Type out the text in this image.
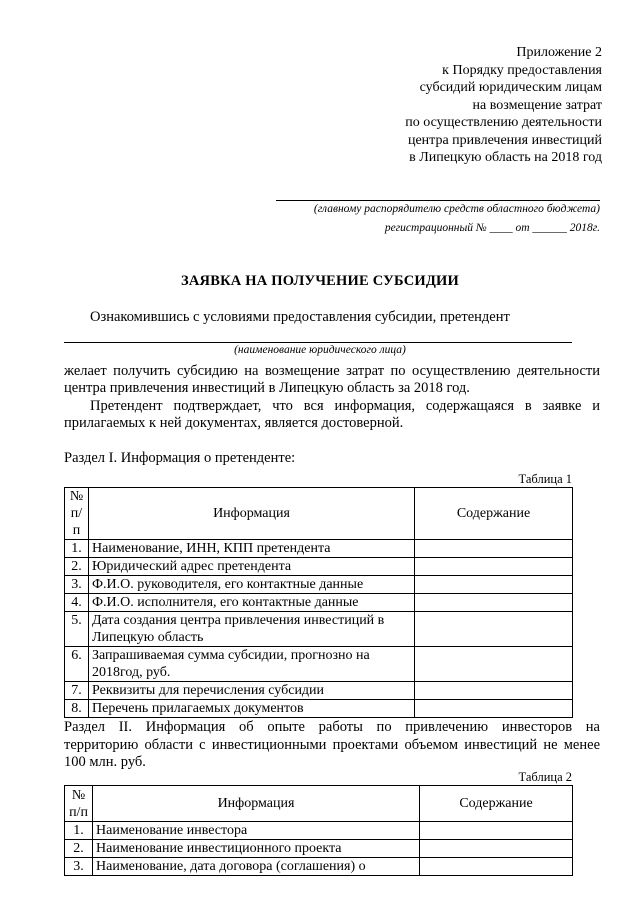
Приложение 2
к Порядку предоставления
субсидий юридическим лицам
на возмещение затрат
по осуществлению деятельности
центра привлечения инвестиций
в Липецкую область на 2018 год
(главному распорядителю средств областного бюджета)
регистрационный № ____ от ______ 2018г.
ЗАЯВКА НА ПОЛУЧЕНИЕ СУБСИДИИ
Ознакомившись с условиями предоставления субсидии, претендент
(наименование юридического лица)
желает получить субсидию на возмещение затрат по осуществлению деятельности
центра привлечения инвестиций в Липецкую область за 2018 год.
Претендент подтверждает, что вся информация, содержащаяся в заявке и
прилагаемых к ней документах, является достоверной.
Раздел I. Информация о претенденте:
Таблица 1
№ п/п	Информация	Содержание
1.	Наименование, ИНН, КПП претендента	
2.	Юридический адрес претендента	
3.	Ф.И.О. руководителя, его контактные данные	
4.	Ф.И.О. исполнителя, его контактные данные	
5.	Дата создания центра привлечения инвестиций в Липецкую область	
6.	Запрашиваемая сумма субсидии, прогнозно на 2018год, руб.	
7.	Реквизиты для перечисления субсидии	
8.	Перечень прилагаемых документов	
Раздел II. Информация об опыте работы по привлечению инвесторов на
территорию области с инвестиционными проектами объемом инвестиций не менее
100 млн. руб.
Таблица 2
№ п/п	Информация	Содержание
1.	Наименование инвестора	
2.	Наименование инвестиционного проекта	
3.	Наименование, дата договора (соглашения) о	
